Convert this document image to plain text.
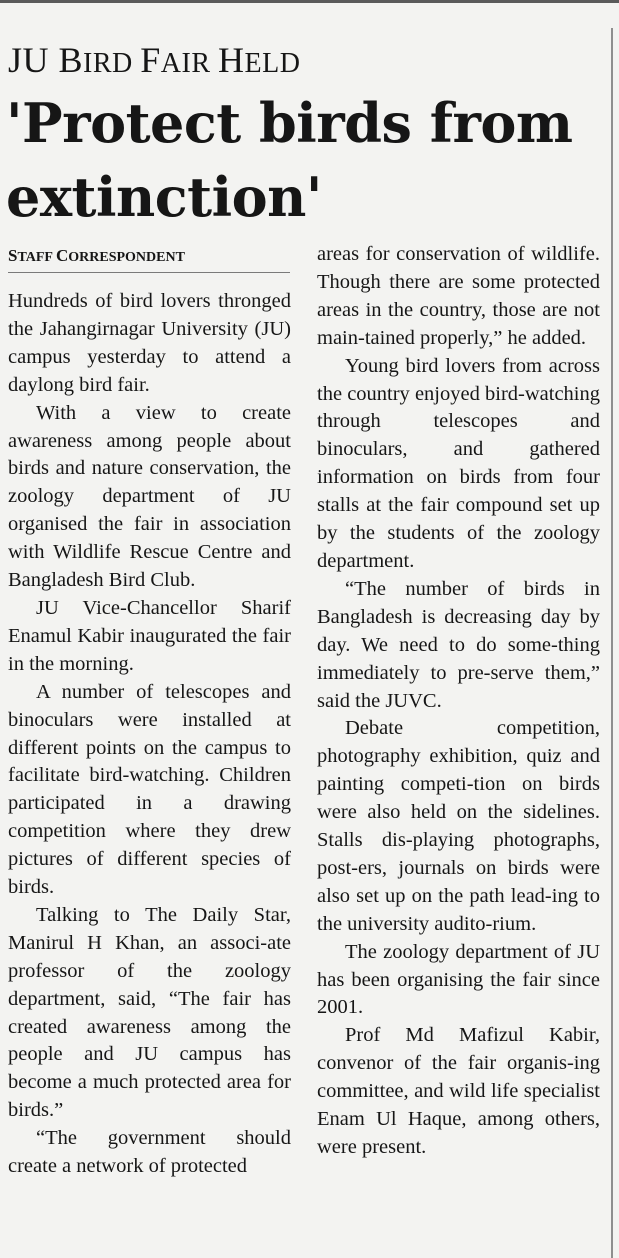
JU BIRD FAIR HELD
'Protect birds from extinction'
STAFF CORRESPONDENT

Hundreds of bird lovers thronged the Jahangirnagar University (JU) campus yesterday to attend a daylong bird fair.

With a view to create awareness among people about birds and nature conservation, the zoology department of JU organised the fair in association with Wildlife Rescue Centre and Bangladesh Bird Club.

JU Vice-Chancellor Sharif Enamul Kabir inaugurated the fair in the morning.

A number of telescopes and binoculars were installed at different points on the campus to facilitate bird-watching. Children participated in a drawing competition where they drew pictures of different species of birds.

Talking to The Daily Star, Manirul H Khan, an associ-ate professor of the zoology department, said, “The fair has created awareness among the people and JU campus has become a much protected area for birds.”

“The government should create a network of protected

areas for conservation of wildlife. Though there are some protected areas in the country, those are not main-tained properly,” he added.

Young bird lovers from across the country enjoyed bird-watching through telescopes and binoculars, and gathered information on birds from four stalls at the fair compound set up by the students of the zoology department.

“The number of birds in Bangladesh is decreasing day by day. We need to do some-thing immediately to pre-serve them,” said the JUVC.

Debate competition, photography exhibition, quiz and painting competi-tion on birds were also held on the sidelines. Stalls dis-playing photographs, post-ers, journals on birds were also set up on the path lead-ing to the university audito-rium.

The zoology department of JU has been organising the fair since 2001.

Prof Md Mafizul Kabir, convenor of the fair organis-ing committee, and wild life specialist Enam Ul Haque, among others, were present.
